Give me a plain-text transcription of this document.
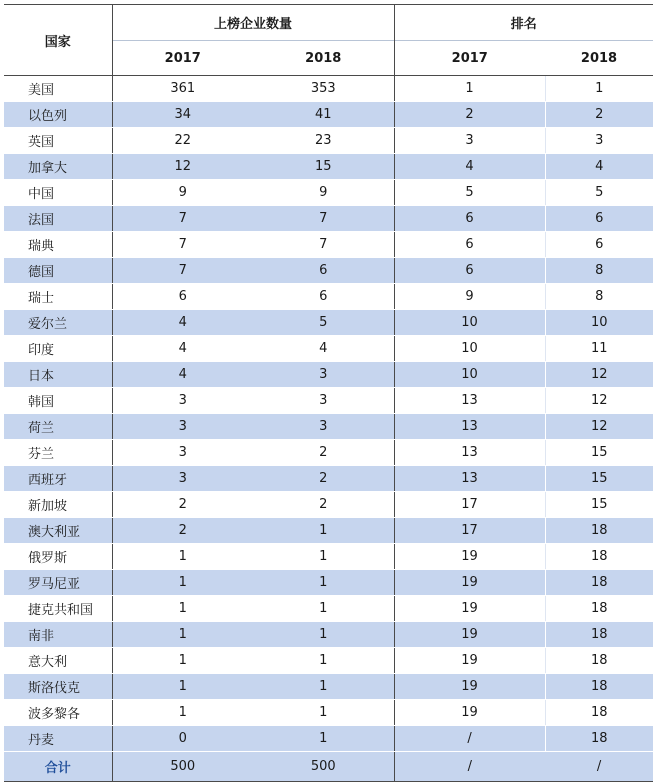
国家	上榜企业数量		排名	
	2017	2018	2017	2018
美国	361	353	1	1
以色列	34	41	2	2
英国	22	23	3	3
加拿大	12	15	4	4
中国	9	9	5	5
法国	7	7	6	6
瑞典	7	7	6	6
德国	7	6	6	8
瑞士	6	6	9	8
爱尔兰	4	5	10	10
印度	4	4	10	11
日本	4	3	10	12
韩国	3	3	13	12
荷兰	3	3	13	12
芬兰	3	2	13	15
西班牙	3	2	13	15
新加坡	2	2	17	15
澳大利亚	2	1	17	18
俄罗斯	1	1	19	18
罗马尼亚	1	1	19	18
捷克共和国	1	1	19	18
南非	1	1	19	18
意大利	1	1	19	18
斯洛伐克	1	1	19	18
波多黎各	1	1	19	18
丹麦	0	1	/	18
合计	500	500	/	/
